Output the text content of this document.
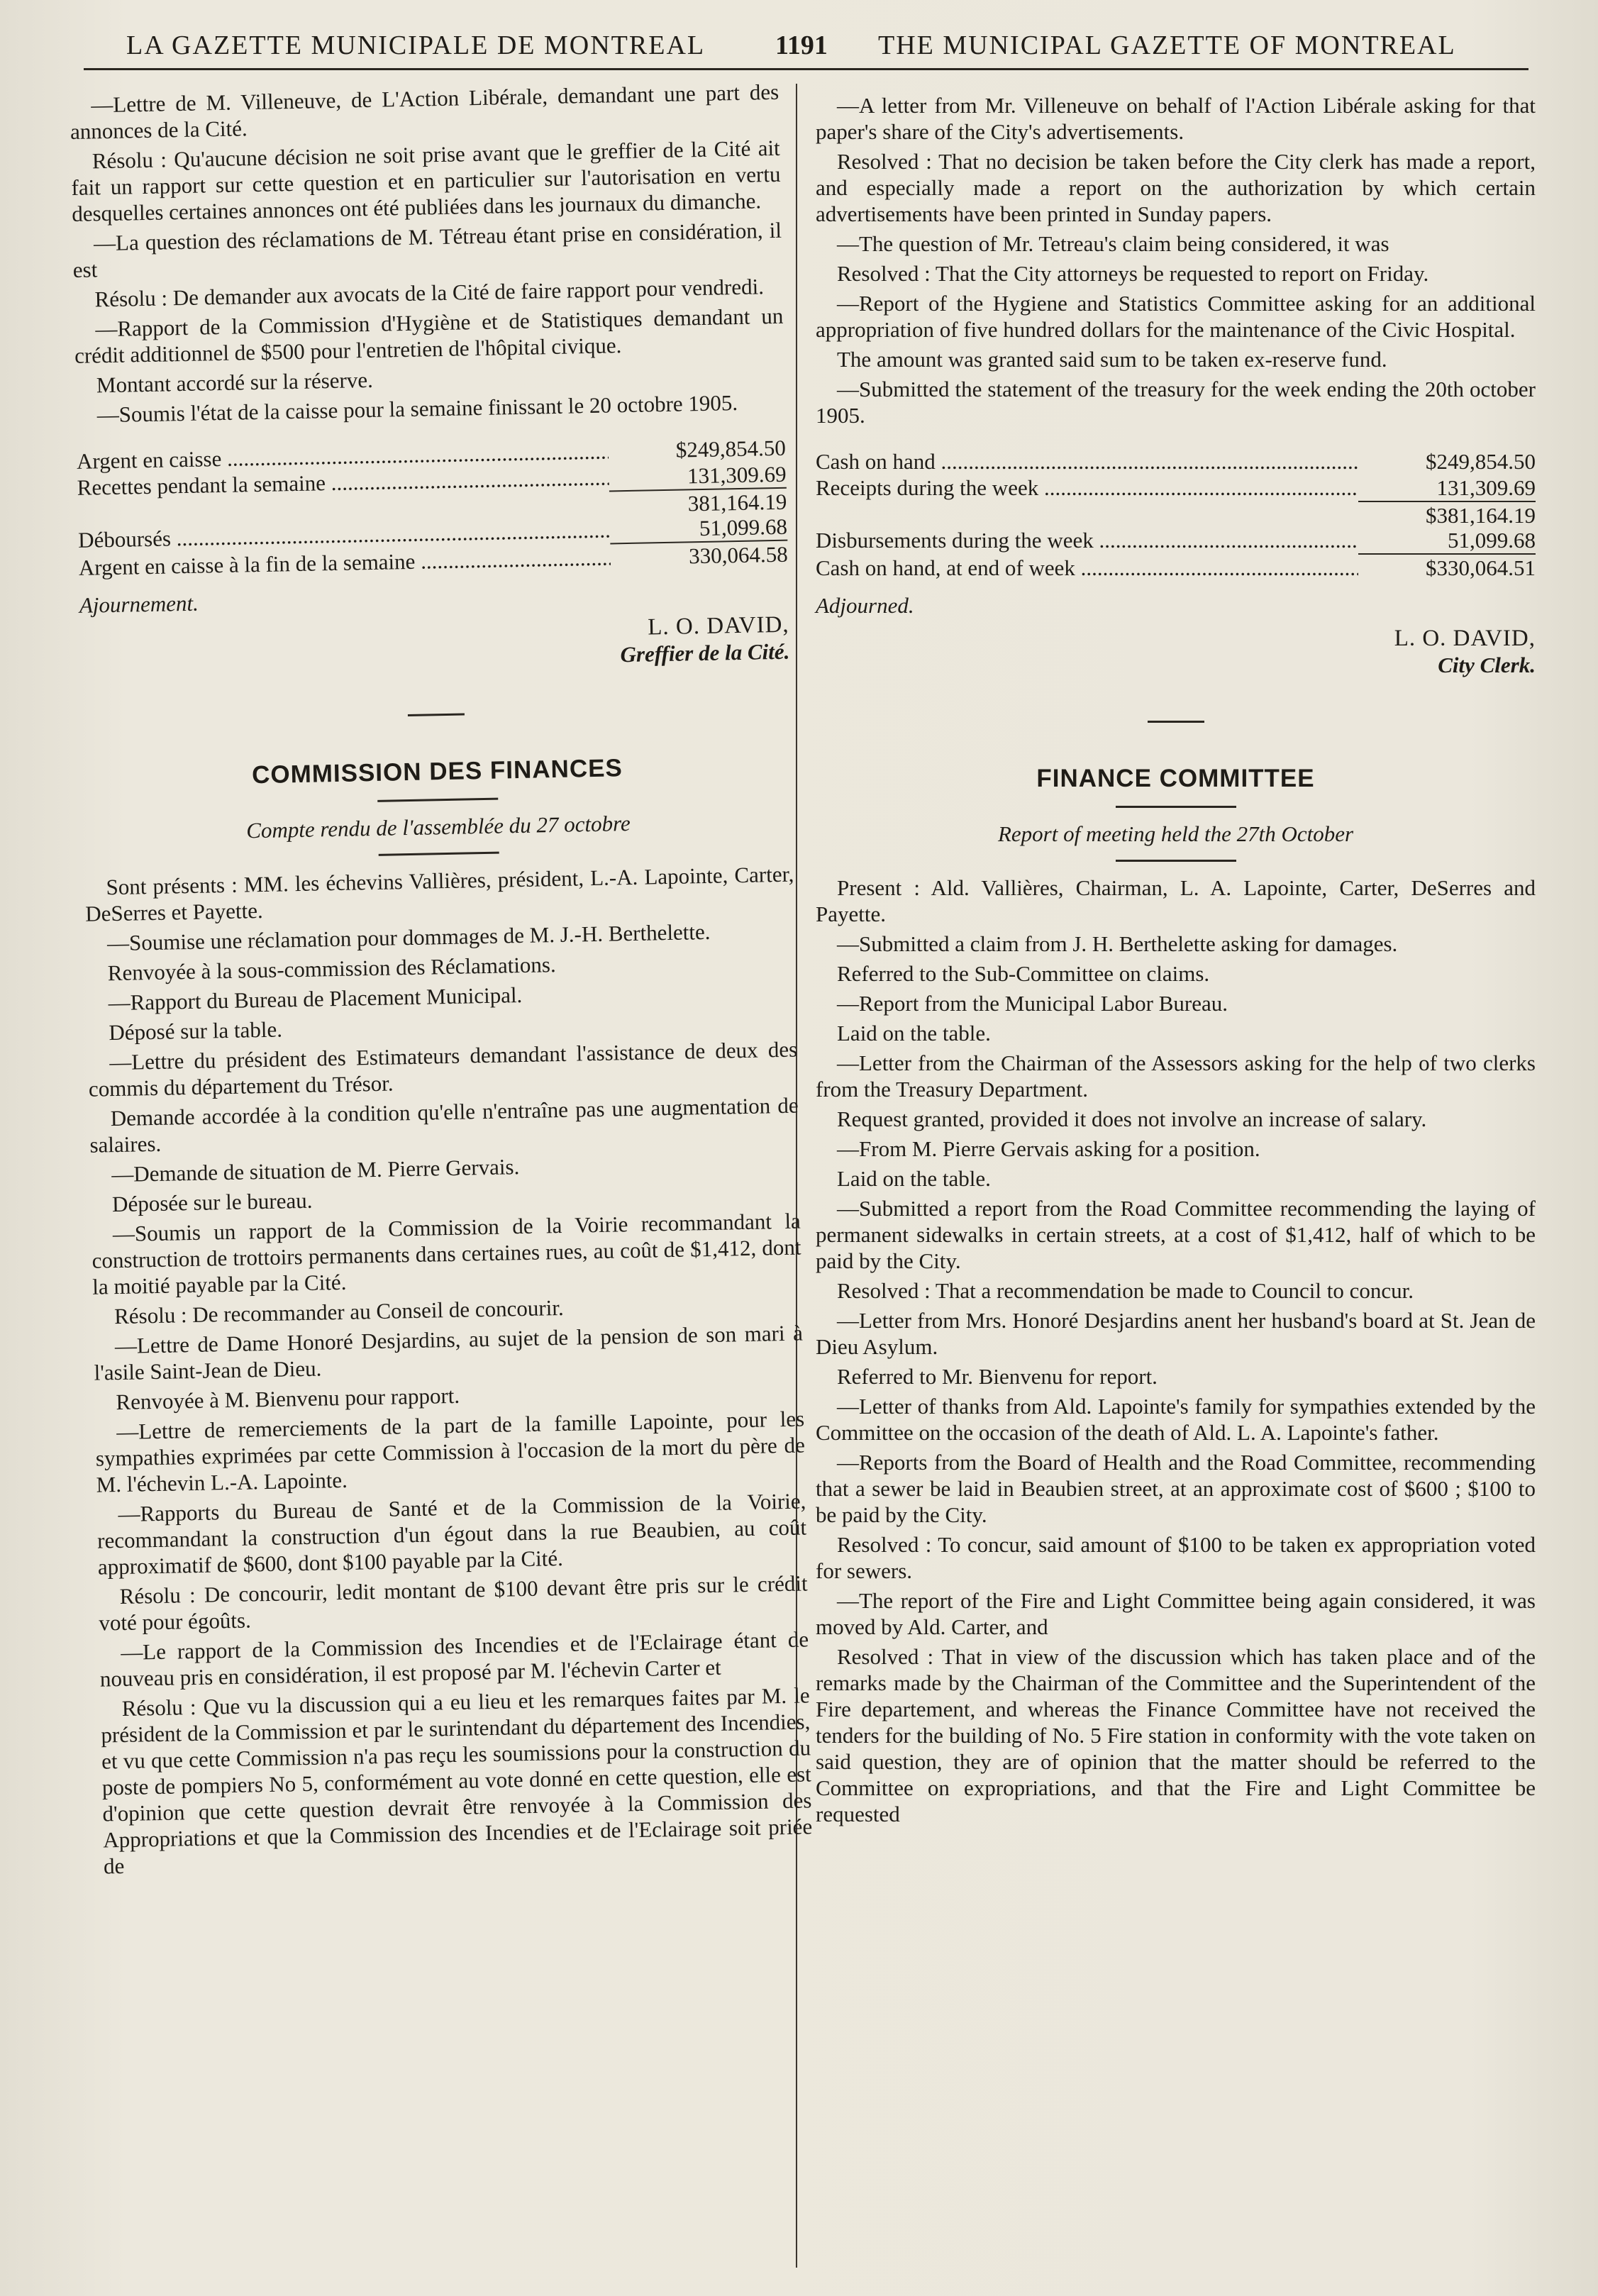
LA GAZETTE MUNICIPALE DE MONTREAL	1191 THE MUNICIPAL GAZETTE OF MONTREAL

—Lettre de M. Villeneuve, de L'Action Libérale, demandant une part des annonces de la Cité.

Résolu : Qu'aucune décision ne soit prise avant que le greffier de la Cité ait fait un rapport sur cette question et en particulier sur l'autorisation en vertu desquelles certaines annonces ont été publiées dans les journaux du dimanche.

—La question des réclamations de M. Tétreau étant prise en considération, il est

Résolu : De demander aux avocats de la Cité de faire rapport pour vendredi.

—Rapport de la Commission d'Hygiène et de Statistiques demandant un crédit additionnel de $500 pour l'entretien de l'hôpital civique.

Montant accordé sur la réserve.

—Soumis l'état de la caisse pour la semaine finissant le 20 octobre 1905.

Argent en caisse .....	$249,854.50
Recettes pendant la semaine .....	131,309.69
381,164.19
Déboursés .....	51,099.68
Argent en caisse à la fin de la semaine .....	330,064.58

Ajournement.

L. O. DAVID,
Greffier de la Cité.
COMMISSION DES FINANCES
Compte rendu de l'assemblée du 27 octobre

Sont présents : MM. les échevins Vallières, président, L.-A. Lapointe, Carter, DeSerres et Payette.

—Soumise une réclamation pour dommages de M. J.-H. Berthelette.

Renvoyée à la sous-commission des Réclamations.

—Rapport du Bureau de Placement Municipal.

Déposé sur la table.

—Lettre du président des Estimateurs demandant l'assistance de deux des commis du département du Trésor.

Demande accordée à la condition qu'elle n'entraîne pas une augmentation de salaires.

—Demande de situation de M. Pierre Gervais.

Déposée sur le bureau.

—Soumis un rapport de la Commission de la Voirie recommandant la construction de trottoirs permanents dans certaines rues, au coût de $1,412, dont la moitié payable par la Cité.

Résolu : De recommander au Conseil de concourir.

—Lettre de Dame Honoré Desjardins, au sujet de la pension de son mari à l'asile Saint-Jean de Dieu.

Renvoyée à M. Bienvenu pour rapport.

—Lettre de remerciements de la part de la famille Lapointe, pour les sympathies exprimées par cette Commission à l'occasion de la mort du père de M. l'échevin L.-A. Lapointe.

—Rapports du Bureau de Santé et de la Commission de la Voirie, recommandant la construction d'un égout dans la rue Beaubien, au coût approximatif de $600, dont $100 payable par la Cité.

Résolu : De concourir, ledit montant de $100 devant être pris sur le crédit voté pour égoûts.

—Le rapport de la Commission des Incendies et de l'Eclairage étant de nouveau pris en considération, il est proposé par M. l'échevin Carter et

Résolu : Que vu la discussion qui a eu lieu et les remarques faites par M. le président de la Commission et par le surintendant du département des Incendies, et vu que cette Commission n'a pas reçu les soumissions pour la construction du poste de pompiers No 5, conformément au vote donné en cette question, elle est d'opinion que cette question devrait être renvoyée à la Commission des Appropriations et que la Commission des Incendies et de l'Eclairage soit priée de

—A letter from Mr. Villeneuve on behalf of l'Action Libérale asking for that paper's share of the City's advertisements.

Resolved : That no decision be taken before the City clerk has made a report, and especially made a report on the authorization by which certain advertisements have been printed in Sunday papers.

—The question of Mr. Tetreau's claim being considered, it was

Resolved : That the City attorneys be requested to report on Friday.

—Report of the Hygiene and Statistics Committee asking for an additional appropriation of five hundred dollars for the maintenance of the Civic Hospital.

The amount was granted said sum to be taken ex-reserve fund.

—Submitted the statement of the treasury for the week ending the 20th october 1905.

Cash on hand .....	$249,854.50
Receipts during the week .....	131,309.69
$381,164.19
Disbursements during the week .....	51,099.68
Cash on hand, at end of week .....	$330,064.51

Adjourned.

L. O. DAVID,
City Clerk.
FINANCE COMMITTEE
Report of meeting held the 27th October

Present : Ald. Vallières, Chairman, L. A. Lapointe, Carter, DeSerres and Payette.

—Submitted a claim from J. H. Berthelette asking for damages.

Referred to the Sub-Committee on claims.

—Report from the Municipal Labor Bureau.

Laid on the table.

—Letter from the Chairman of the Assessors asking for the help of two clerks from the Treasury Department.

Request granted, provided it does not involve an increase of salary.

—From M. Pierre Gervais asking for a position.

Laid on the table.

—Submitted a report from the Road Committee recommending the laying of permanent sidewalks in certain streets, at a cost of $1,412, half of which to be paid by the City.

Resolved : That a recommendation be made to Council to concur.

—Letter from Mrs. Honoré Desjardins anent her husband's board at St. Jean de Dieu Asylum.

Referred to Mr. Bienvenu for report.

—Letter of thanks from Ald. Lapointe's family for sympathies extended by the Committee on the occasion of the death of Ald. L. A. Lapointe's father.

—Reports from the Board of Health and the Road Committee, recommending that a sewer be laid in Beaubien street, at an approximate cost of $600 ; $100 to be paid by the City.

Resolved : To concur, said amount of $100 to be taken ex appropriation voted for sewers.

—The report of the Fire and Light Committee being again considered, it was moved by Ald. Carter, and

Resolved : That in view of the discussion which has taken place and of the remarks made by the Chairman of the Committee and the Superintendent of the Fire departement, and whereas the Finance Committee have not received the tenders for the building of No. 5 Fire station in conformity with the vote taken on said question, they are of opinion that the matter should be referred to the Committee on expropriations, and that the Fire and Light Committee be requested
